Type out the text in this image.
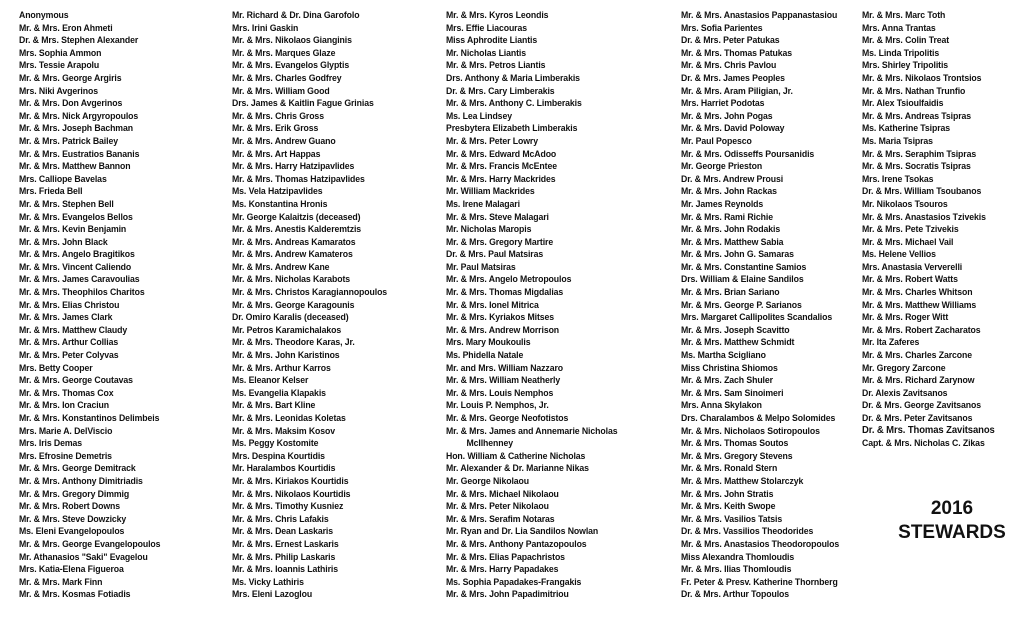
Anonymous
Mr. & Mrs. Eron Ahmeti
Dr. & Mrs. Stephen Alexander
Mrs. Sophia Ammon
Mrs. Tessie Arapolu
Mr. & Mrs. George Argiris
Mrs. Niki Avgerinos
Mr. & Mrs. Don Avgerinos
Mr. & Mrs. Nick Argyropoulos
Mr. & Mrs. Joseph Bachman
Mr. & Mrs. Patrick Bailey
Mr. & Mrs. Eustratios Bananis
Mr. & Mrs. Matthew Bannon
Mrs. Calliope Bavelas
Mrs. Frieda Bell
Mr. & Mrs. Stephen Bell
Mr. & Mrs. Evangelos Bellos
Mr. & Mrs. Kevin Benjamin
Mr. & Mrs. John Black
Mr. & Mrs. Angelo Bragitikos
Mr. & Mrs. Vincent Caliendo
Mr. & Mrs. James Caravoulias
Mr. & Mrs. Theophilos Charitos
Mr. & Mrs. Elias Christou
Mr. & Mrs. James Clark
Mr. & Mrs. Matthew Claudy
Mr. & Mrs. Arthur Collias
Mr. & Mrs. Peter Colyvas
Mrs. Betty Cooper
Mr. & Mrs. George Coutavas
Mr. & Mrs. Thomas Cox
Mr. & Mrs. Ion Craciun
Mr. & Mrs. Konstantinos Delimbeis
Mrs. Marie A. DelViscio
Mrs. Iris Demas
Mrs. Efrosine Demetris
Mr. & Mrs. George Demitrack
Mr. & Mrs. Anthony Dimitriadis
Mr. & Mrs. Gregory Dimmig
Mr. & Mrs. Robert Downs
Mr. & Mrs. Steve Dowzicky
Ms. Eleni Evangelopoulos
Mr. & Mrs. George Evangelopoulos
Mr. Athanasios "Saki" Evagelou
Mrs. Katia-Elena Figueroa
Mr. & Mrs. Mark Finn
Mr. & Mrs. Kosmas Fotiadis
Mr. Richard & Dr. Dina Garofolo
Mrs. Irini Gaskin
Mr. & Mrs. Nikolaos Gianginis
Mr. & Mrs. Marques Glaze
Mr. & Mrs. Evangelos Glyptis
Mr. & Mrs. Charles Godfrey
Mr. & Mrs. William Good
Drs. James & Kaitlin Fague Grinias
Mr. & Mrs. Chris Gross
Mr. & Mrs. Erik Gross
Mr. & Mrs. Andrew Guano
Mr. & Mrs. Art Happas
Mr. & Mrs. Harry Hatzipavlides
Mr. & Mrs. Thomas Hatzipavlides
Ms. Vela Hatzipavlides
Ms. Konstantina Hronis
Mr. George Kalaitzis (deceased)
Mr. & Mrs. Anestis Kalderemtzis
Mr. & Mrs. Andreas Kamaratos
Mr. & Mrs. Andrew Kamateros
Mr. & Mrs. Andrew Kane
Mr. & Mrs. Nicholas Karabots
Mr. & Mrs. Christos Karagiannopoulos
Mr. & Mrs. George Karagounis
Dr. Omiro Karalis (deceased)
Mr. Petros Karamichalakos
Mr. & Mrs. Theodore Karas, Jr.
Mr. & Mrs. John Karistinos
Mr. & Mrs. Arthur Karros
Ms. Eleanor Kelser
Ms. Evangelia Klapakis
Mr. & Mrs. Bart Kline
Mr. & Mrs. Leonidas Koletas
Mr. & Mrs. Maksim Kosov
Ms. Peggy Kostomite
Mrs. Despina Kourtidis
Mr. Haralambos Kourtidis
Mr. & Mrs. Kiriakos Kourtidis
Mr. & Mrs. Nikolaos Kourtidis
Mr. & Mrs. Timothy Kusniez
Mr. & Mrs. Chris Lafakis
Mr. & Mrs. Dean Laskaris
Mr. & Mrs. Ernest Laskaris
Mr. & Mrs. Philip Laskaris
Mr. & Mrs. Ioannis Lathiris
Ms. Vicky Lathiris
Mrs. Eleni Lazoglou
Mr. & Mrs. Kyros Leondis
Mrs. Effie Liacouras
Miss Aphrodite Liantis
Mr. Nicholas Liantis
Mr. & Mrs. Petros Liantis
Drs. Anthony & Maria Limberakis
Dr. & Mrs. Cary Limberakis
Mr. & Mrs. Anthony C. Limberakis
Ms. Lea Lindsey
Presbytera Elizabeth Limberakis
Mr. & Mrs. Peter Lowry
Mr. & Mrs. Edward McAdoo
Mr. & Mrs. Francis McEntee
Mr. & Mrs. Harry Mackrides
Mr. William Mackrides
Ms. Irene Malagari
Mr. & Mrs. Steve Malagari
Mr. Nicholas Maropis
Mr. & Mrs. Gregory Martire
Dr. & Mrs. Paul Matsiras
Mr. Paul Matsiras
Mr. & Mrs. Angelo Metropoulos
Mr. & Mrs. Thomas Migdalias
Mr. & Mrs. Ionel Mitrica
Mr. & Mrs. Kyriakos Mitses
Mr. & Mrs. Andrew Morrison
Mrs. Mary Moukoulis
Ms. Phidella Natale
Mr. and Mrs. William Nazzaro
Mr. & Mrs. William Neatherly
Mr. & Mrs. Louis Nemphos
Mr. Louis P. Nemphos, Jr.
Mr. & Mrs. George Neofotistos
Mr. & Mrs. James and Annemarie Nicholas
McIlhenney
Hon. William & Catherine Nicholas
Mr. Alexander & Dr. Marianne Nikas
Mr. George Nikolaou
Mr. & Mrs. Michael Nikolaou
Mr. & Mrs. Peter Nikolaou
Mr. & Mrs. Serafim Notaras
Mr. Ryan and Dr. Lia Sandilos Nowlan
Mr. & Mrs. Anthony Pantazopoulos
Mr. & Mrs. Elias Papachristos
Mr. & Mrs. Harry Papadakes
Ms. Sophia Papadakes-Frangakis
Mr. & Mrs. John Papadimitriou
Mr. & Mrs. Anastasios Pappanastasiou
Mrs. Sofia Parientes
Dr. & Mrs. Peter Patukas
Mr. & Mrs. Thomas Patukas
Mr. & Mrs. Chris Pavlou
Dr. & Mrs. James Peoples
Mr. & Mrs. Aram Piligian, Jr.
Mrs. Harriet Podotas
Mr. & Mrs. John Pogas
Mr. & Mrs. David Poloway
Mr. Paul Popesco
Mr. & Mrs. Odisseffs Poursanidis
Mr. George Prieston
Dr. & Mrs. Andrew Prousi
Mr. & Mrs. John Rackas
Mr. James Reynolds
Mr. & Mrs. Rami Richie
Mr. & Mrs. John Rodakis
Mr. & Mrs. Matthew Sabia
Mr. & Mrs. John G. Samaras
Mr. & Mrs. Constantine Samios
Drs. William & Elaine Sandilos
Mr. & Mrs. Brian Sariano
Mr. & Mrs. George P. Sarianos
Mrs. Margaret Callipolites Scandalios
Mr. & Mrs. Joseph Scavitto
Mr. & Mrs. Matthew Schmidt
Ms. Martha Scigliano
Miss Christina Shiomos
Mr. & Mrs. Zach Shuler
Mr. & Mrs. Sam Sinoimeri
Mrs. Anna Skylakon
Drs. Charalambos & Melpo Solomides
Mr. & Mrs. Nicholaos Sotiropoulos
Mr. & Mrs. Thomas Soutos
Mr. & Mrs. Gregory Stevens
Mr. & Mrs. Ronald Stern
Mr. & Mrs. Matthew Stolarczyk
Mr. & Mrs. John Stratis
Mr. & Mrs. Keith Swope
Mr. & Mrs. Vasilios Tatsis
Dr. & Mrs. Vassilios Theodorides
Mr. & Mrs. Anastasios Theodoropoulos
Miss Alexandra Thomloudis
Mr. & Mrs. Ilias Thomloudis
Fr. Peter & Presv. Katherine Thornberg
Dr. & Mrs. Arthur Topoulos
Mr. & Mrs. Marc Toth
Mrs. Anna Trantas
Mr. & Mrs. Colin Treat
Ms. Linda Tripolitis
Mrs. Shirley Tripolitis
Mr. & Mrs. Nikolaos Trontsios
Mr. & Mrs. Nathan Trunfio
Mr. Alex Tsioulfaidis
Mr. & Mrs. Andreas Tsipras
Ms. Katherine Tsipras
Ms. Maria Tsipras
Mr. & Mrs. Seraphim Tsipras
Mr. & Mrs. Socratis Tsipras
Mrs. Irene Tsokas
Dr. & Mrs. William Tsoubanos
Mr. Nikolaos Tsouros
Mr. & Mrs. Anastasios Tzivekis
Mr. & Mrs. Pete Tzivekis
Mr. & Mrs. Michael Vail
Ms. Helene Vellios
Mrs. Anastasia Ververelli
Mr. & Mrs. Robert Watts
Mr. & Mrs. Charles Whitson
Mr. & Mrs. Matthew Williams
Mr. & Mrs. Roger Witt
Mr. & Mrs. Robert Zacharatos
Mr. Ita Zaferes
Mr. & Mrs. Charles Zarcone
Mr. Gregory Zarcone
Mr. & Mrs. Richard Zarynow
Dr. Alexis Zavitsanos
Dr. & Mrs. George Zavitsanos
Dr. & Mrs. Peter Zavitsanos
Dr. & Mrs. Thomas Zavitsanos
Capt. & Mrs. Nicholas C. Zikas
2016
STEWARDS
